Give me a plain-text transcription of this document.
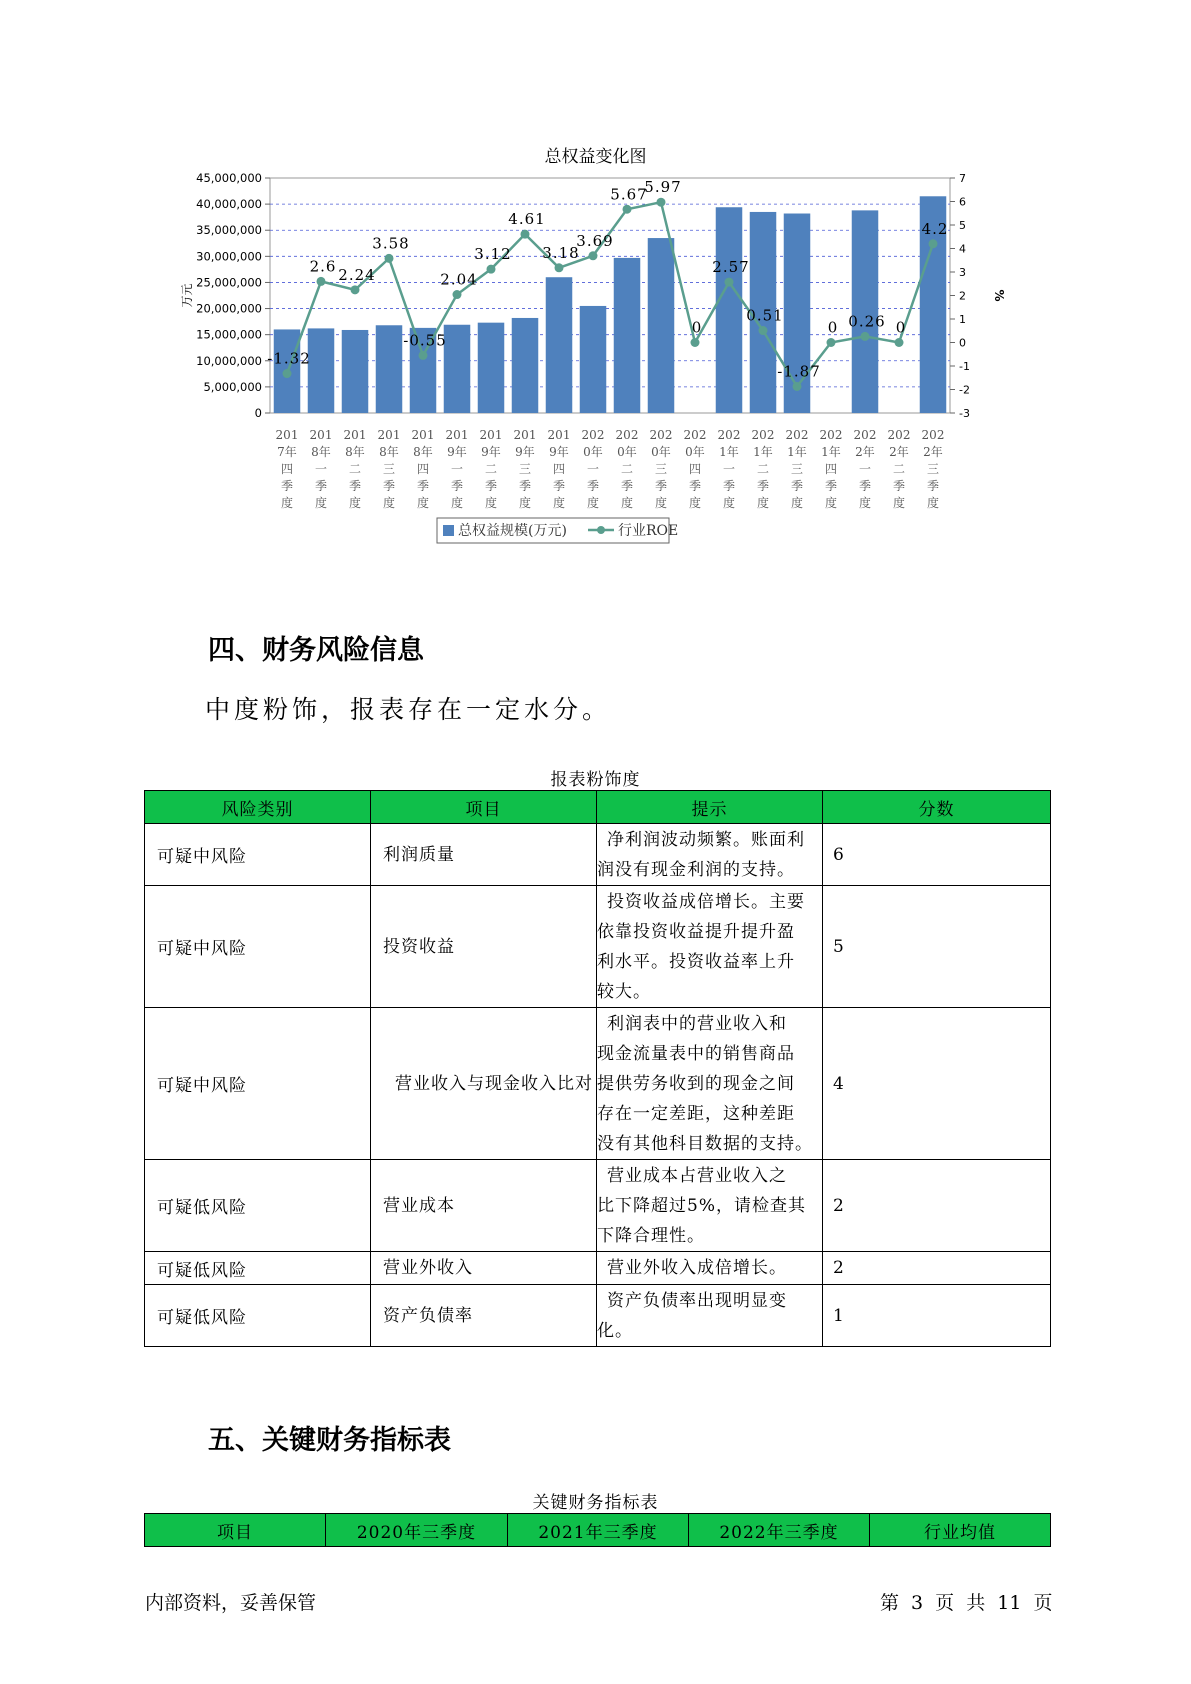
总权益变化图
0
5,000,000
10,000,000
15,000,000
20,000,000
25,000,000
30,000,000
35,000,000
40,000,000
45,000,000
-3
-2
-1
0
1
2
3
4
5
6
7
万元	%
-1.32
2.6 2.24
3.58
-0.55
2.04
3.12
4.61
3.18
3.69
5.67
5.97
0
2.57
0.51
-1.87
0 0.26 0
4.2
201 7年四季度
201 8年一季度
201 8年二季度
201 8年三季度
201 8年四季度
201 9年一季度
201 9年二季度
201 9年三季度
201 9年四季度
202 0年一季度
202 0年二季度
202 0年三季度
202 0年四季度
202 1年一季度
202 1年二季度
202 1年三季度
202 1年四季度
202 2年一季度
202 2年二季度
202 2年三季度
总权益规模(万元)	行业ROE
四、财务风险信息
中度粉饰，报表存在一定水分。
报表粉饰度
风险类别	项目	提示	分数
可疑中风险	利润质量	净利润波动频繁。账面利
润没有现金利润的支持。	6
可疑中风险	投资收益	投资收益成倍增长。主要
依靠投资收益提升提升盈
利水平。投资收益率上升
较大。	5
可疑中风险	营业收入与现金收入比对	利润表中的营业收入和
现金流量表中的销售商品
提供劳务收到的现金之间
存在一定差距，这种差距
没有其他科目数据的支持。	4
可疑低风险	营业成本	营业成本占营业收入之
比下降超过5%，请检查其
下降合理性。	2
可疑低风险	营业外收入	营业外收入成倍增长。	2
可疑低风险	资产负债率	资产负债率出现明显变
化。	1
五、关键财务指标表
关键财务指标表
项目	2020年三季度	2021年三季度	2022年三季度	行业均值
内部资料，妥善保管	第 3 页 共 11 页
